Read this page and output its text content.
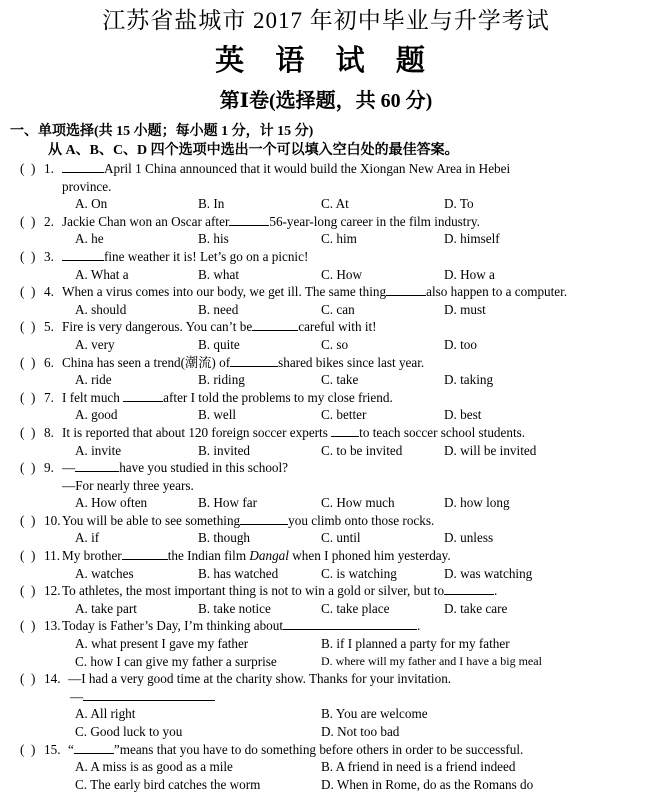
江苏省盐城市 2017 年初中毕业与升学考试
英 语 试 题
第Ⅰ卷(选择题，共 60 分)
一、单项选择(共 15 小题；每小题 1 分，计 15 分)
从 A、B、C、D 四个选项中选出一个可以填入空白处的最佳答案。
(  ) 1.	April 1 China announced that it would build the Xiongan New Area in Hebei
province.
A. On	B. In	C. At	D. To
(  ) 2. Jackie Chan won an Oscar after	56-year-long career in the film industry.
A. he	B. his	C. him	D. himself
(  ) 3.	fine weather it is! Let’s go on a picnic!
A. What a	B. what	C. How	D. How a
(  ) 4. When a virus comes into our body, we get ill. The same thing	also happen to a computer.
A. should	B. need	C. can	D. must
(  ) 5. Fire is very dangerous. You can’t be	careful with it!
A. very	B. quite	C. so	D. too
(  ) 6. China has seen a trend(潮流) of	shared bikes since last year.
A. ride	B. riding	C. take	D. taking
(  ) 7. I felt much	after I told the problems to my close friend.
A. good	B. well	C. better	D. best
(  ) 8. It is reported that about 120 foreign soccer experts to teach soccer school students.
A. invite	B. invited	C. to be invited	D. will be invited
(  ) 9. —	have you studied in this school?
—For nearly three years.
A. How often	B. How far	C. How much	D. how long
(  ) 10. You will be able to see something	you climb onto those rocks.
A. if	B. though	C. until	D. unless
(  ) 11. My brother	the Indian film Dangal when I phoned him yesterday.
A. watches	B. has watched	C. is watching	D. was watching
(  ) 12. To athletes, the most important thing is not to win a gold or silver, but to	.
A. take part	B. take notice	C. take place	D. take care
(  ) 13. Today is Father’s Day, I’m thinking about	.
A. what present I gave my father	B. if I planned a party for my father
C. how I can give my father a surprise	D. where will my father and I have a big meal
(  ) 14. —I had a very good time at the charity show. Thanks for your invitation.
—
A. All right	B. You are welcome
C. Good luck to you	D. Not too bad
(  ) 15. “	”means that you have to do something before others in order to be successful.
A. A miss is as good as a mile	B. A friend in need is a friend indeed
C. The early bird catches the worm	D. When in Rome, do as the Romans do
